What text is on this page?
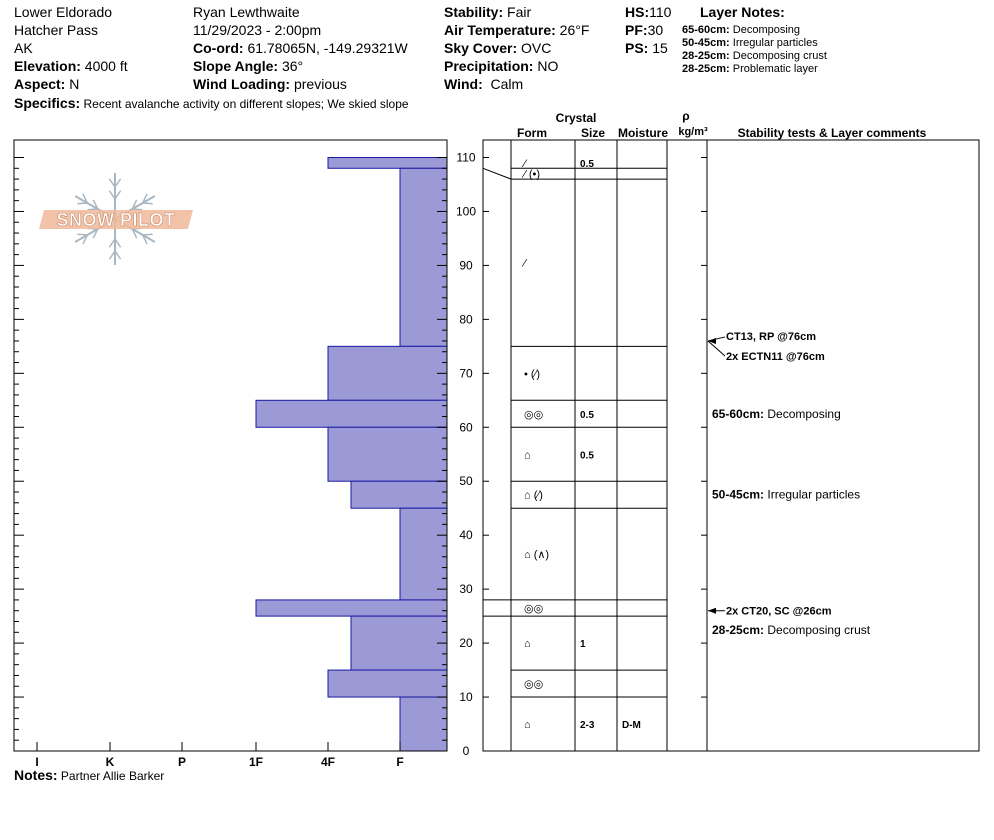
Lower Eldorado
Hatcher Pass
AK
Elevation: 4000 ft
Aspect: N
Ryan Lewthwaite
11/29/2023 - 2:00pm
Co-ord: 61.78065N, -149.29321W
Slope Angle: 36°
Wind Loading: previous
Stability: Fair
Air Temperature: 26°F
Sky Cover: OVC
Precipitation: NO
Wind: Calm
HS:110
PF:30
PS: 15
Layer Notes:
65-60cm: Decomposing
50-45cm: Irregular particles
28-25cm: Decomposing crust
28-25cm: Problematic layer
Specifics: Recent avalanche activity on different slopes; We skied slope
Notes: Partner Allie Barker
I	K	P	1F	4F	F
0
10
20
30
40
50
60
70
80
90
100
110
SNOW PILOT
Crystal
Form	Size Moisture
ρ
kg/m³ Stability tests & Layer comments
⁄	0.5
⁄ (•)
⁄
• (⁄)
◎◎	0.5
⌂	0.5
⌂ (⁄)
⌂ (∧)
◎◎
⌂	1
◎◎
⌂	2-3	D-M
CT13, RP @76cm
2x ECTN11 @76cm
2x CT20, SC @26cm
65-60cm: Decomposing
50-45cm: Irregular particles
28-25cm: Decomposing crust
